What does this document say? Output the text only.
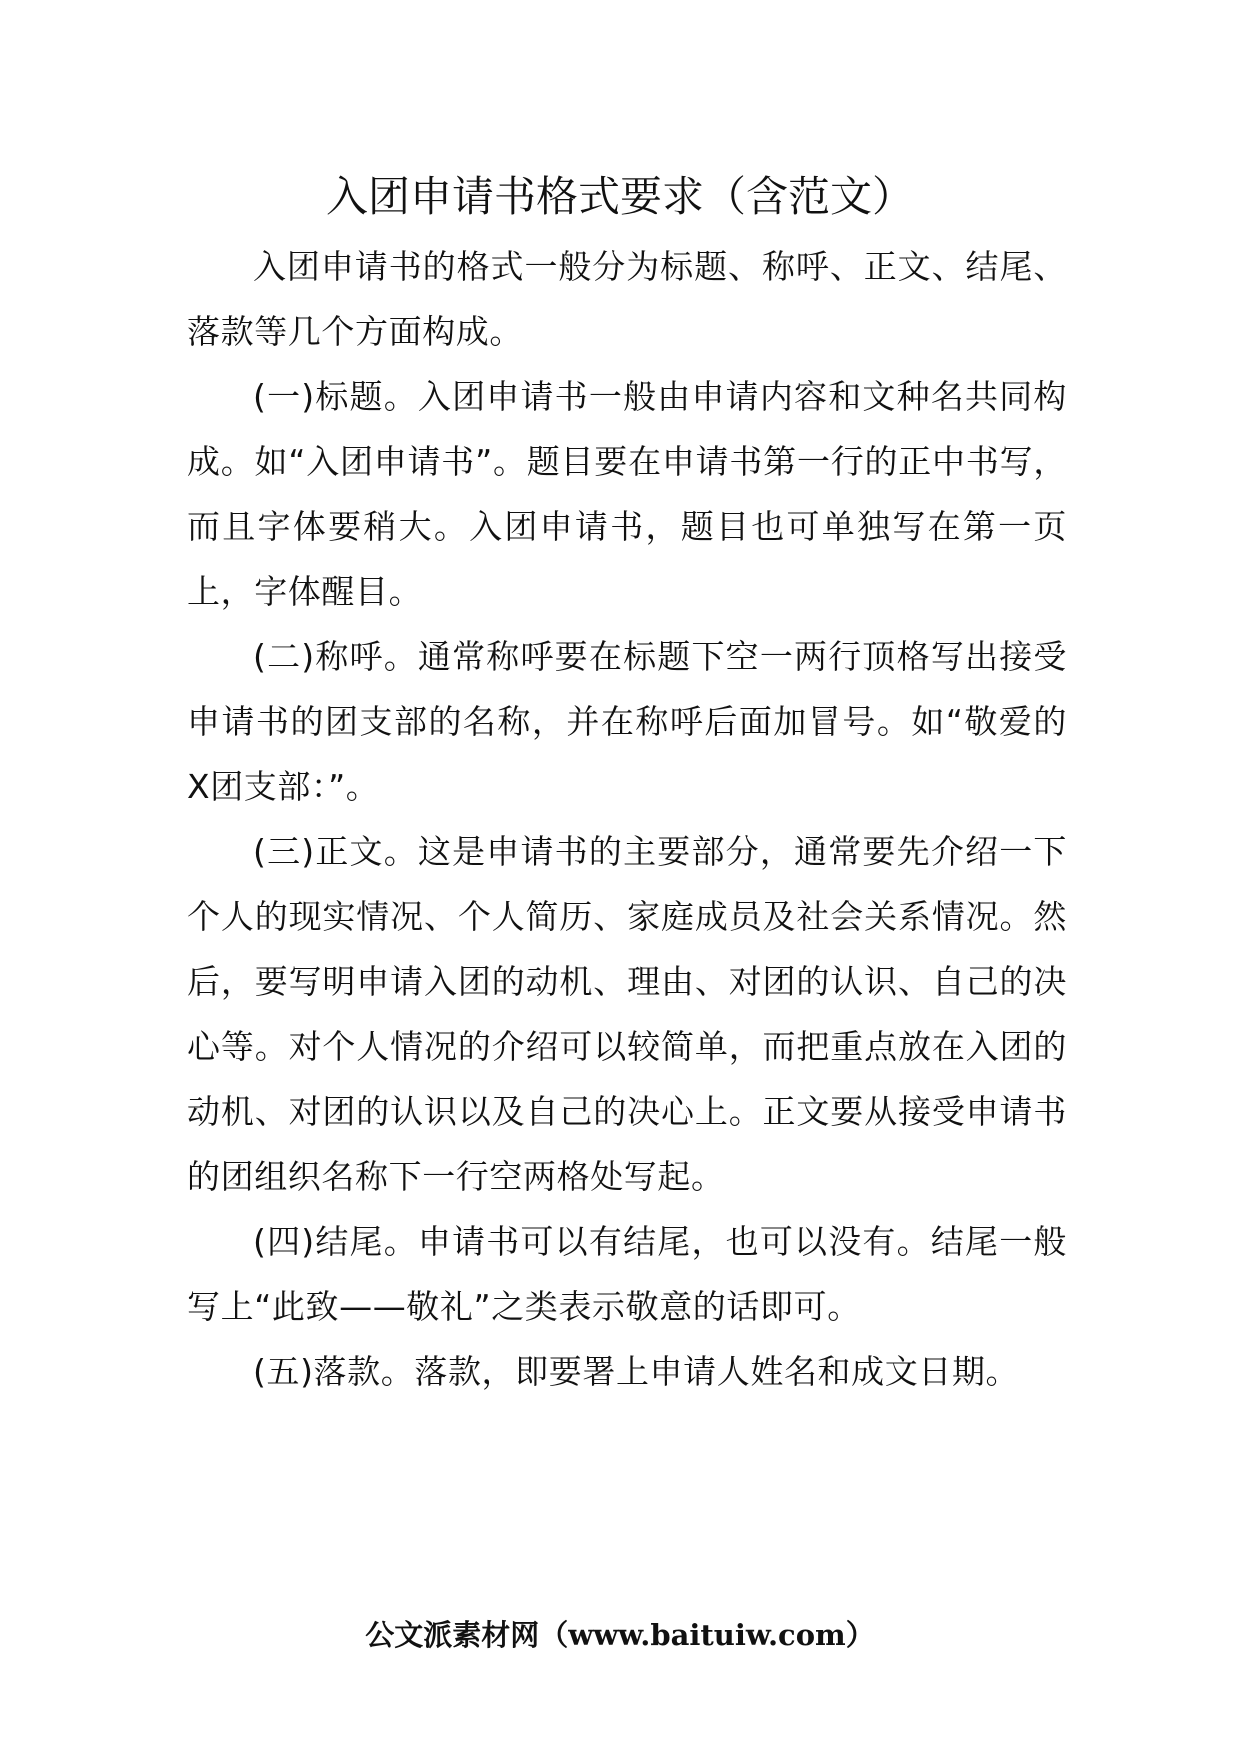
入团申请书格式要求（含范文）

入团申请书的格式一般分为标题、称呼、正文、结尾、落款等几个方面构成。

(一)标题。入团申请书一般由申请内容和文种名共同构成。如“入团申请书”。题目要在申请书第一行的正中书写，而且字体要稍大。入团申请书，题目也可单独写在第一页上，字体醒目。

(二)称呼。通常称呼要在标题下空一两行顶格写出接受申请书的团支部的名称，并在称呼后面加冒号。如“敬爱的X团支部：”。

(三)正文。这是申请书的主要部分，通常要先介绍一下个人的现实情况、个人简历、家庭成员及社会关系情况。然后，要写明申请入团的动机、理由、对团的认识、自己的决心等。对个人情况的介绍可以较简单，而把重点放在入团的动机、对团的认识以及自己的决心上。正文要从接受申请书的团组织名称下一行空两格处写起。

(四)结尾。申请书可以有结尾，也可以没有。结尾一般写上“此致——敬礼”之类表示敬意的话即可。

(五)落款。落款，即要署上申请人姓名和成文日期。

公文派素材网（www.baituiw.com）
